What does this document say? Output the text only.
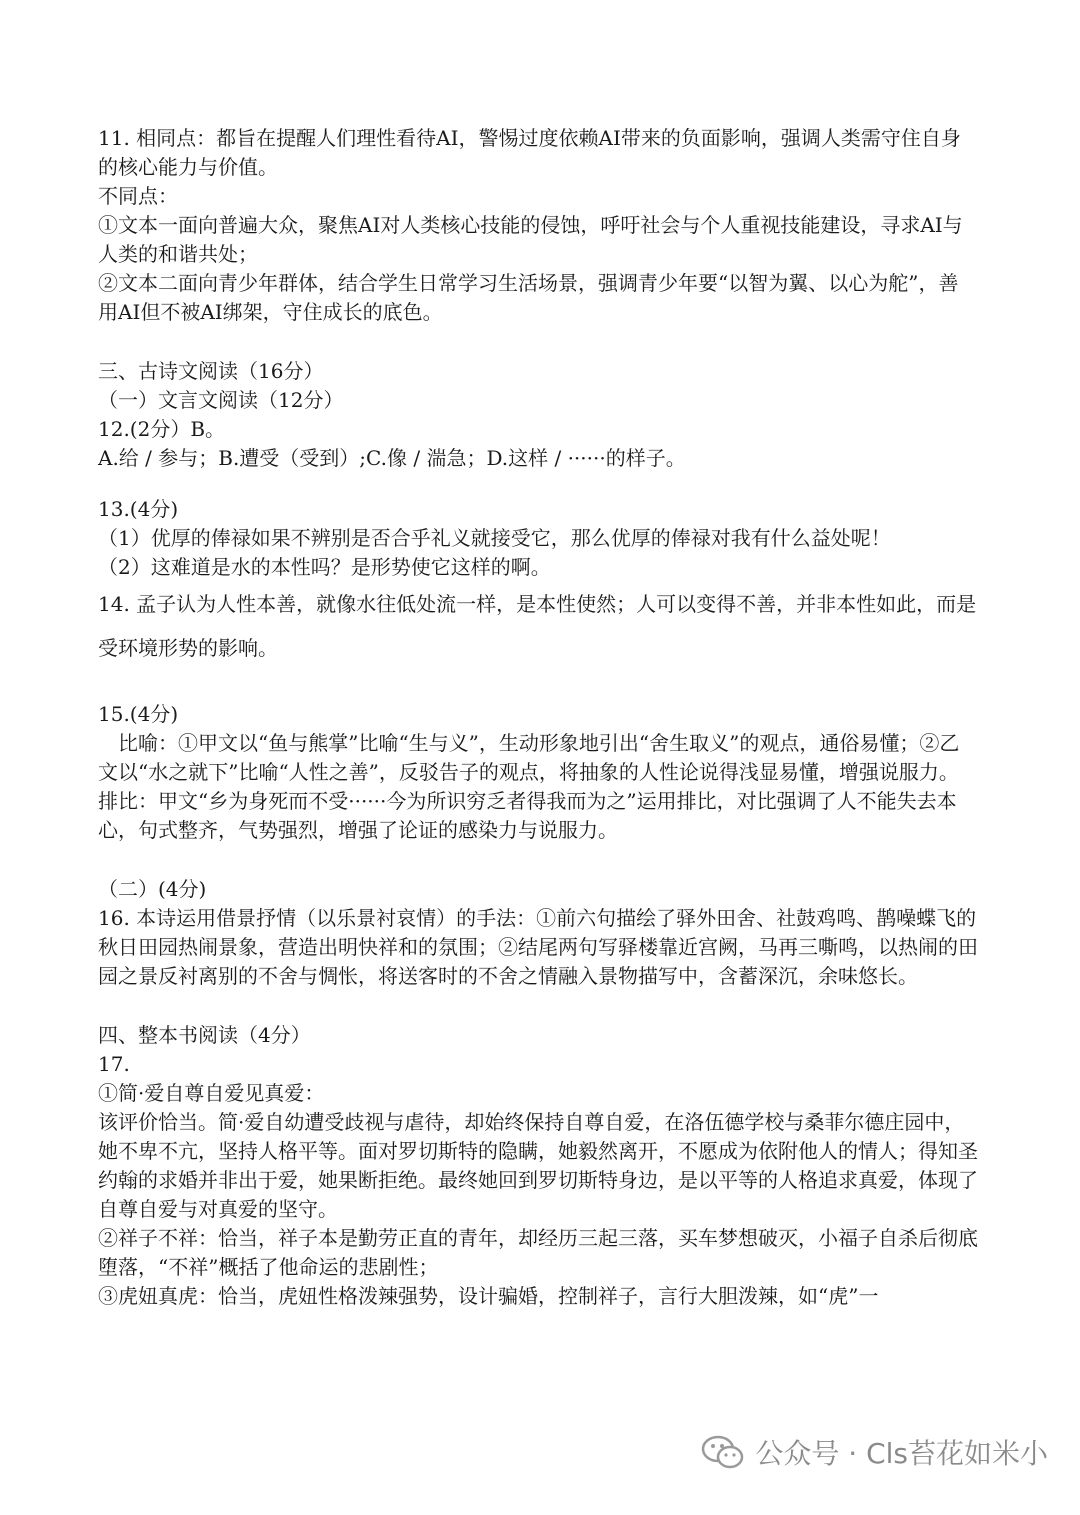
11. 相同点：都旨在提醒人们理性看待AI，警惕过度依赖AI带来的负面影响，强调人类需守住自身的核心能力与价值。

不同点：

①文本一面向普遍大众，聚焦AI对人类核心技能的侵蚀，呼吁社会与个人重视技能建设，寻求AI与人类的和谐共处；

②文本二面向青少年群体，结合学生日常学习生活场景，强调青少年要“以智为翼、以心为舵”，善用AI但不被AI绑架，守住成长的底色。

三、古诗文阅读（16分）

（一）文言文阅读（12分）

12.(2分）B。

A.给 / 参与；B.遭受（受到）;C.像 / 湍急；D.这样 / ······的样子。

13.(4分)

（1）优厚的俸禄如果不辨别是否合乎礼义就接受它，那么优厚的俸禄对我有什么益处呢！

（2）这难道是水的本性吗？是形势使它这样的啊。

14. 孟子认为人性本善，就像水往低处流一样，是本性使然；人可以变得不善，并非本性如此，而是受环境形势的影响。

15.(4分)

比喻：①甲文以“鱼与熊掌”比喻“生与义”，生动形象地引出“舍生取义”的观点，通俗易懂；②乙文以“水之就下”比喻“人性之善”，反驳告子的观点，将抽象的人性论说得浅显易懂，增强说服力。

排比：甲文“乡为身死而不受······今为所识穷乏者得我而为之”运用排比，对比强调了人不能失去本心，句式整齐，气势强烈，增强了论证的感染力与说服力。

（二）(4分)

16. 本诗运用借景抒情（以乐景衬哀情）的手法：①前六句描绘了驿外田舍、社鼓鸡鸣、鹊噪蝶飞的秋日田园热闹景象，营造出明快祥和的氛围；②结尾两句写驿楼靠近宫阙，马再三嘶鸣，以热闹的田园之景反衬离别的不舍与惆怅，将送客时的不舍之情融入景物描写中，含蓄深沉，余味悠长。

四、整本书阅读（4分）

17.

①简·爱自尊自爱见真爱：

该评价恰当。简·爱自幼遭受歧视与虐待，却始终保持自尊自爱，在洛伍德学校与桑菲尔德庄园中，她不卑不亢，坚持人格平等。面对罗切斯特的隐瞒，她毅然离开，不愿成为依附他人的情人；得知圣约翰的求婚并非出于爱，她果断拒绝。最终她回到罗切斯特身边，是以平等的人格追求真爱，体现了自尊自爱与对真爱的坚守。

②祥子不祥：恰当，祥子本是勤劳正直的青年，却经历三起三落，买车梦想破灭，小福子自杀后彻底堕落，“不祥”概括了他命运的悲剧性；

③虎妞真虎：恰当，虎妞性格泼辣强势，设计骗婚，控制祥子，言行大胆泼辣，如“虎”一

公众号 · Cls苔花如米小
